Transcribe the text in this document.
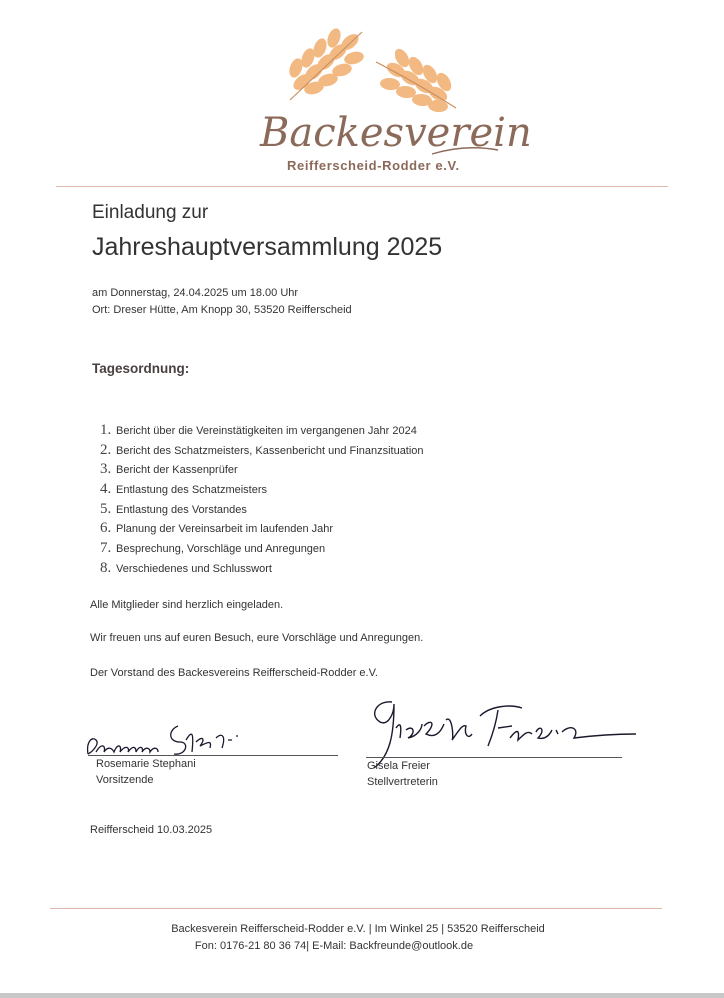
Backesverein
Reifferscheid-Rodder e.V.
Einladung zur
Jahreshauptversammlung 2025
am Donnerstag, 24.04.2025 um 18.00 Uhr
Ort: Dreser Hütte, Am Knopp 30, 53520 Reifferscheid
Tagesordnung:
1. Bericht über die Vereinstätigkeiten im vergangenen Jahr 2024
2. Bericht des Schatzmeisters, Kassenbericht und Finanzsituation
3. Bericht der Kassenprüfer
4. Entlastung des Schatzmeisters
5. Entlastung des Vorstandes
6. Planung der Vereinsarbeit im laufenden Jahr
7. Besprechung, Vorschläge und Anregungen
8. Verschiedenes und Schlusswort
Alle Mitglieder sind herzlich eingeladen.
Wir freuen uns auf euren Besuch, eure Vorschläge und Anregungen.
Der Vorstand des Backesvereins Reifferscheid-Rodder e.V.
Rosemarie Stephani
Vorsitzende
Gisela Freier
Stellvertreterin
Reifferscheid 10.03.2025
Backesverein Reifferscheid-Rodder e.V. | Im Winkel 25 | 53520 Reifferscheid
Fon: 0176-21 80 36 74| E-Mail: Backfreunde@outlook.de
